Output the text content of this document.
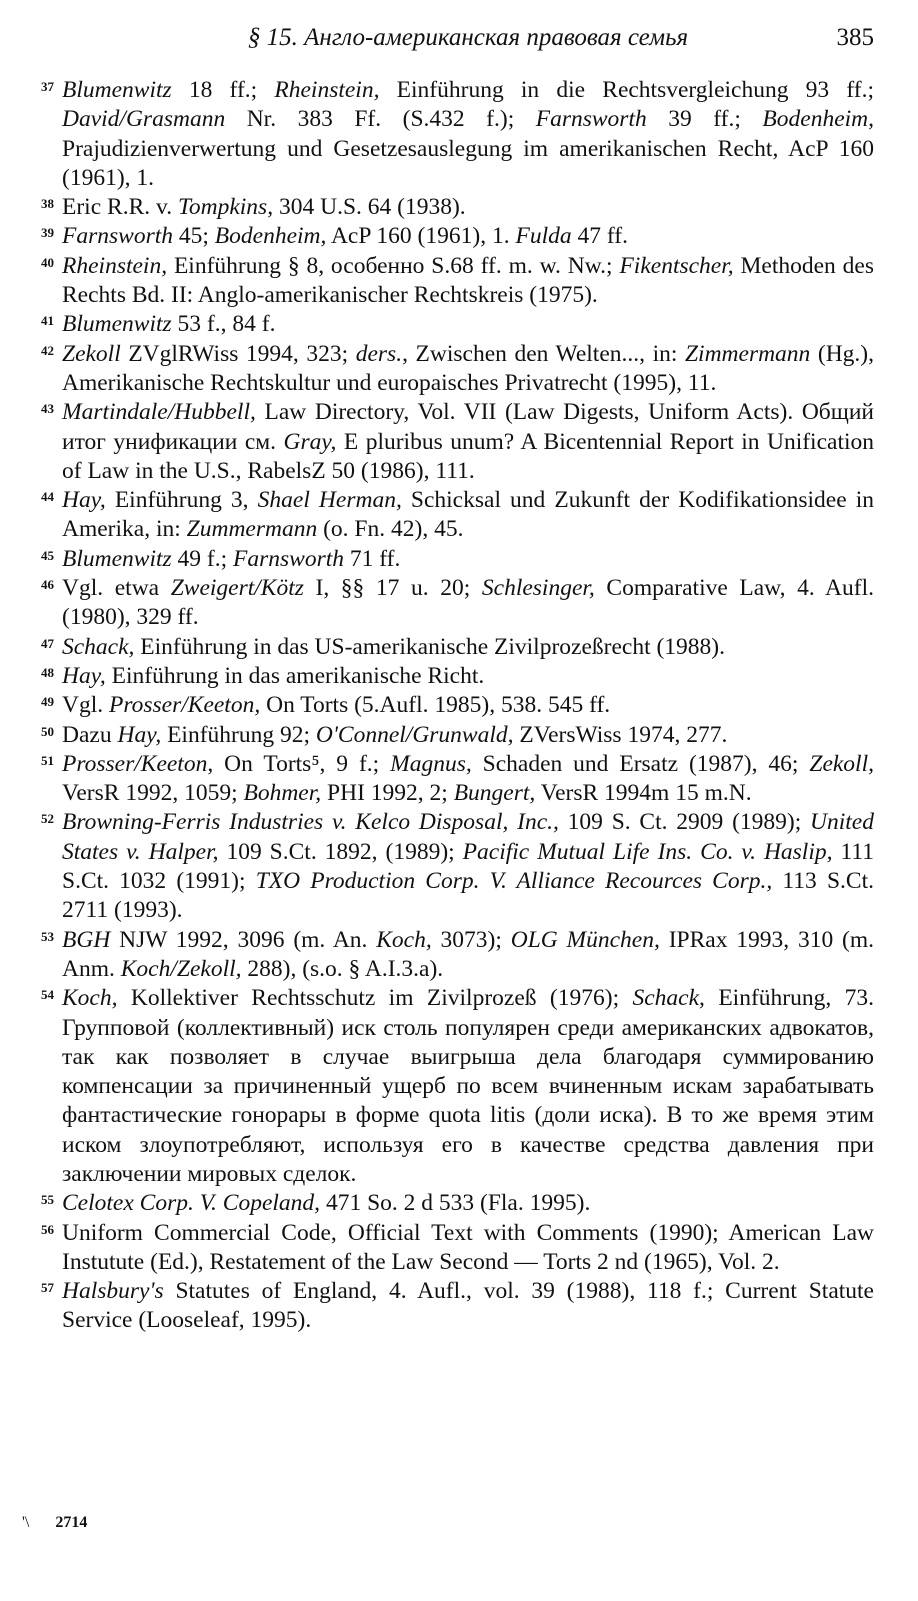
§ 15. Англо-американская правовая семья	385
37 Blumenwitz 18 ff.; Rheinstein, Einführung in die Rechtsvergleichung 93 ff.; David/Grasmann Nr. 383 Ff. (S.432 f.); Farnsworth 39 ff.; Bodenheim, Prajudizienverwertung und Gesetzesauslegung im amerikanischen Recht, AcP 160 (1961), 1.
38 Eric R.R. v. Tompkins, 304 U.S. 64 (1938).
39 Farnsworth 45; Bodenheim, AcP 160 (1961), 1. Fulda 47 ff.
40 Rheinstein, Einführung § 8, особенно S.68 ff. m. w. Nw.; Fikentscher, Methoden des Rechts Bd. II: Anglo-amerikanischer Rechtskreis (1975).
41 Blumenwitz 53 f., 84 f.
42 Zekoll ZVglRWiss 1994, 323; ders., Zwischen den Welten..., in: Zimmermann (Hg.), Amerikanische Rechtskultur und europaisches Privatrecht (1995), 11.
43 Martindale/Hubbell, Law Directory, Vol. VII (Law Digests, Uniform Acts). Общий итог унификации см. Gray, E pluribus unum? A Bicentennial Report in Unification of Law in the U.S., RabelsZ 50 (1986), 111.
44 Hay, Einführung 3, Shael Herman, Schicksal und Zukunft der Kodifikationsidee in Amerika, in: Zummermann (o. Fn. 42), 45.
45 Blumenwitz 49 f.; Farnsworth 71 ff.
46 Vgl. etwa Zweigert/Kötz I, §§ 17 u. 20; Schlesinger, Comparative Law, 4. Aufl. (1980), 329 ff.
47 Schack, Einführung in das US-amerikanische Zivilprozeßrecht (1988).
48 Hay, Einführung in das amerikanische Richt.
49 Vgl. Prosser/Keeton, On Torts (5.Aufl. 1985), 538. 545 ff.
50 Dazu Hay, Einführung 92; O'Connel/Grunwald, ZVersWiss 1974, 277.
51 Prosser/Keeton, On Torts⁵, 9 f.; Magnus, Schaden und Ersatz (1987), 46; Zekoll, VersR 1992, 1059; Bohmer, PHI 1992, 2; Bungert, VersR 1994m 15 m.N.
52 Browning-Ferris Industries v. Kelco Disposal, Inc., 109 S. Ct. 2909 (1989); United States v. Halper, 109 S.Ct. 1892, (1989); Pacific Mutual Life Ins. Co. v. Haslip, 111 S.Ct. 1032 (1991); TXO Production Corp. V. Alliance Recources Corp., 113 S.Ct. 2711 (1993).
53 BGH NJW 1992, 3096 (m. An. Koch, 3073); OLG München, IPRax 1993, 310 (m. Anm. Koch/Zekoll, 288), (s.o. § A.I.3.a).
54 Koch, Kollektiver Rechtsschutz im Zivilprozeß (1976); Schack, Einführung, 73. Групповой (коллективный) иск столь популярен среди американских адвокатов, так как позволяет в случае выигрыша дела благодаря суммированию компенсации за причиненный ущерб по всем вчиненным искам зарабатывать фантастические гонорары в форме quota litis (доли иска). В то же время этим иском злоупотребляют, используя его в качестве средства давления при заключении мировых сделок.
55 Celotex Corp. V. Copeland, 471 So. 2 d 533 (Fla. 1995).
56 Uniform Commercial Code, Official Text with Comments (1990); American Law Instutute (Ed.), Restatement of the Law Second — Torts 2 nd (1965), Vol. 2.
57 Halsbury's Statutes of England, 4. Aufl., vol. 39 (1988), 118 f.; Current Statute Service (Looseleaf, 1995).
'\ 2714
